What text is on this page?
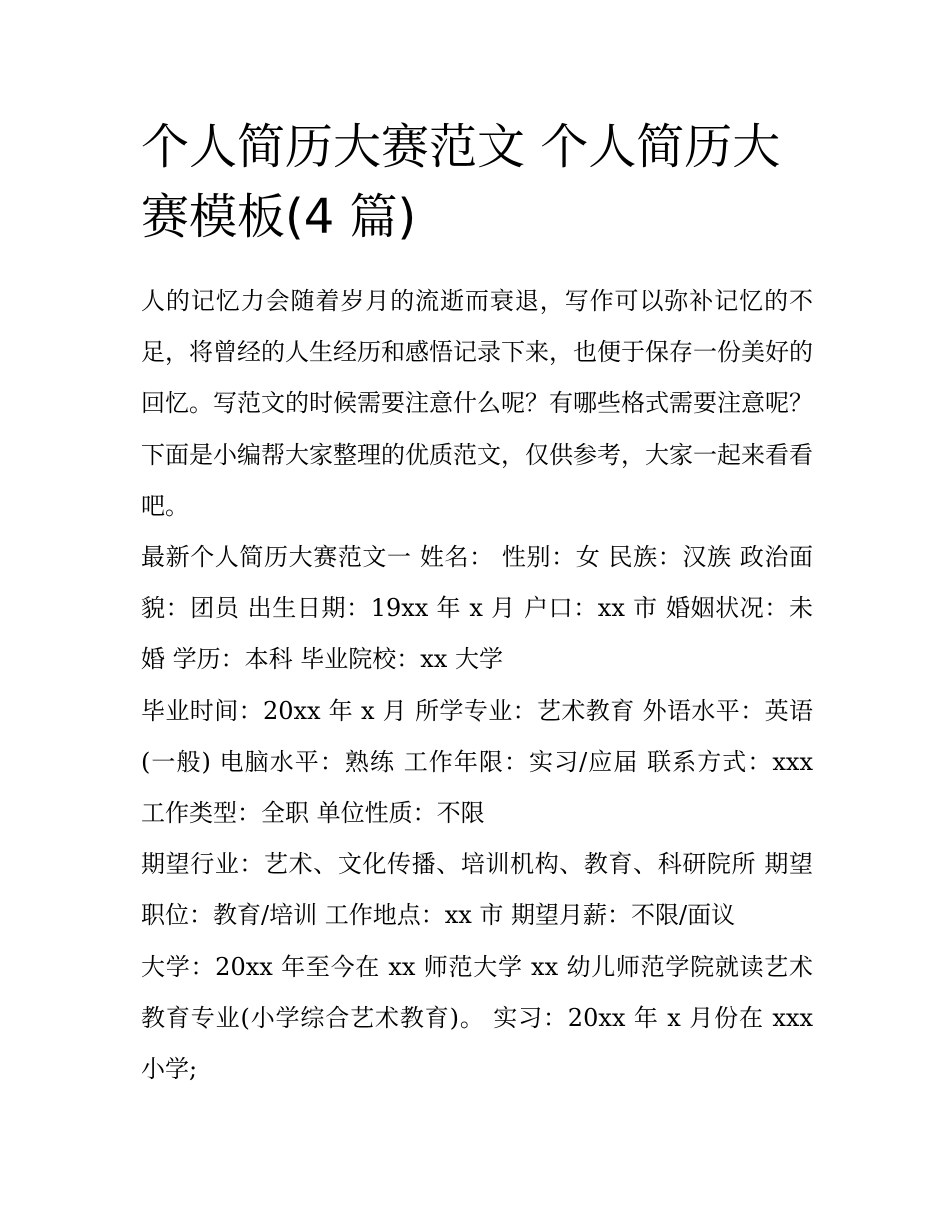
个人简历大赛范文 个人简历大赛模板(4 篇)

人的记忆力会随着岁月的流逝而衰退，写作可以弥补记忆的不足，将曾经的人生经历和感悟记录下来，也便于保存一份美好的回忆。写范文的时候需要注意什么呢？有哪些格式需要注意呢？下面是小编帮大家整理的优质范文，仅供参考，大家一起来看看吧。

最新个人简历大赛范文一 姓名： 性别：女 民族：汉族 政治面貌：团员 出生日期：19xx 年 x 月 户口：xx 市 婚姻状况：未婚 学历：本科 毕业院校：xx 大学

毕业时间：20xx 年 x 月 所学专业：艺术教育 外语水平：英语(一般) 电脑水平：熟练 工作年限：实习/应届 联系方式：xxx 工作类型：全职 单位性质：不限

期望行业：艺术、文化传播、培训机构、教育、科研院所 期望职位：教育/培训 工作地点：xx 市 期望月薪：不限/面议

大学：20xx 年至今在 xx 师范大学 xx 幼儿师范学院就读艺术教育专业(小学综合艺术教育)。 实习：20xx 年 x 月份在 xxx 小学;
